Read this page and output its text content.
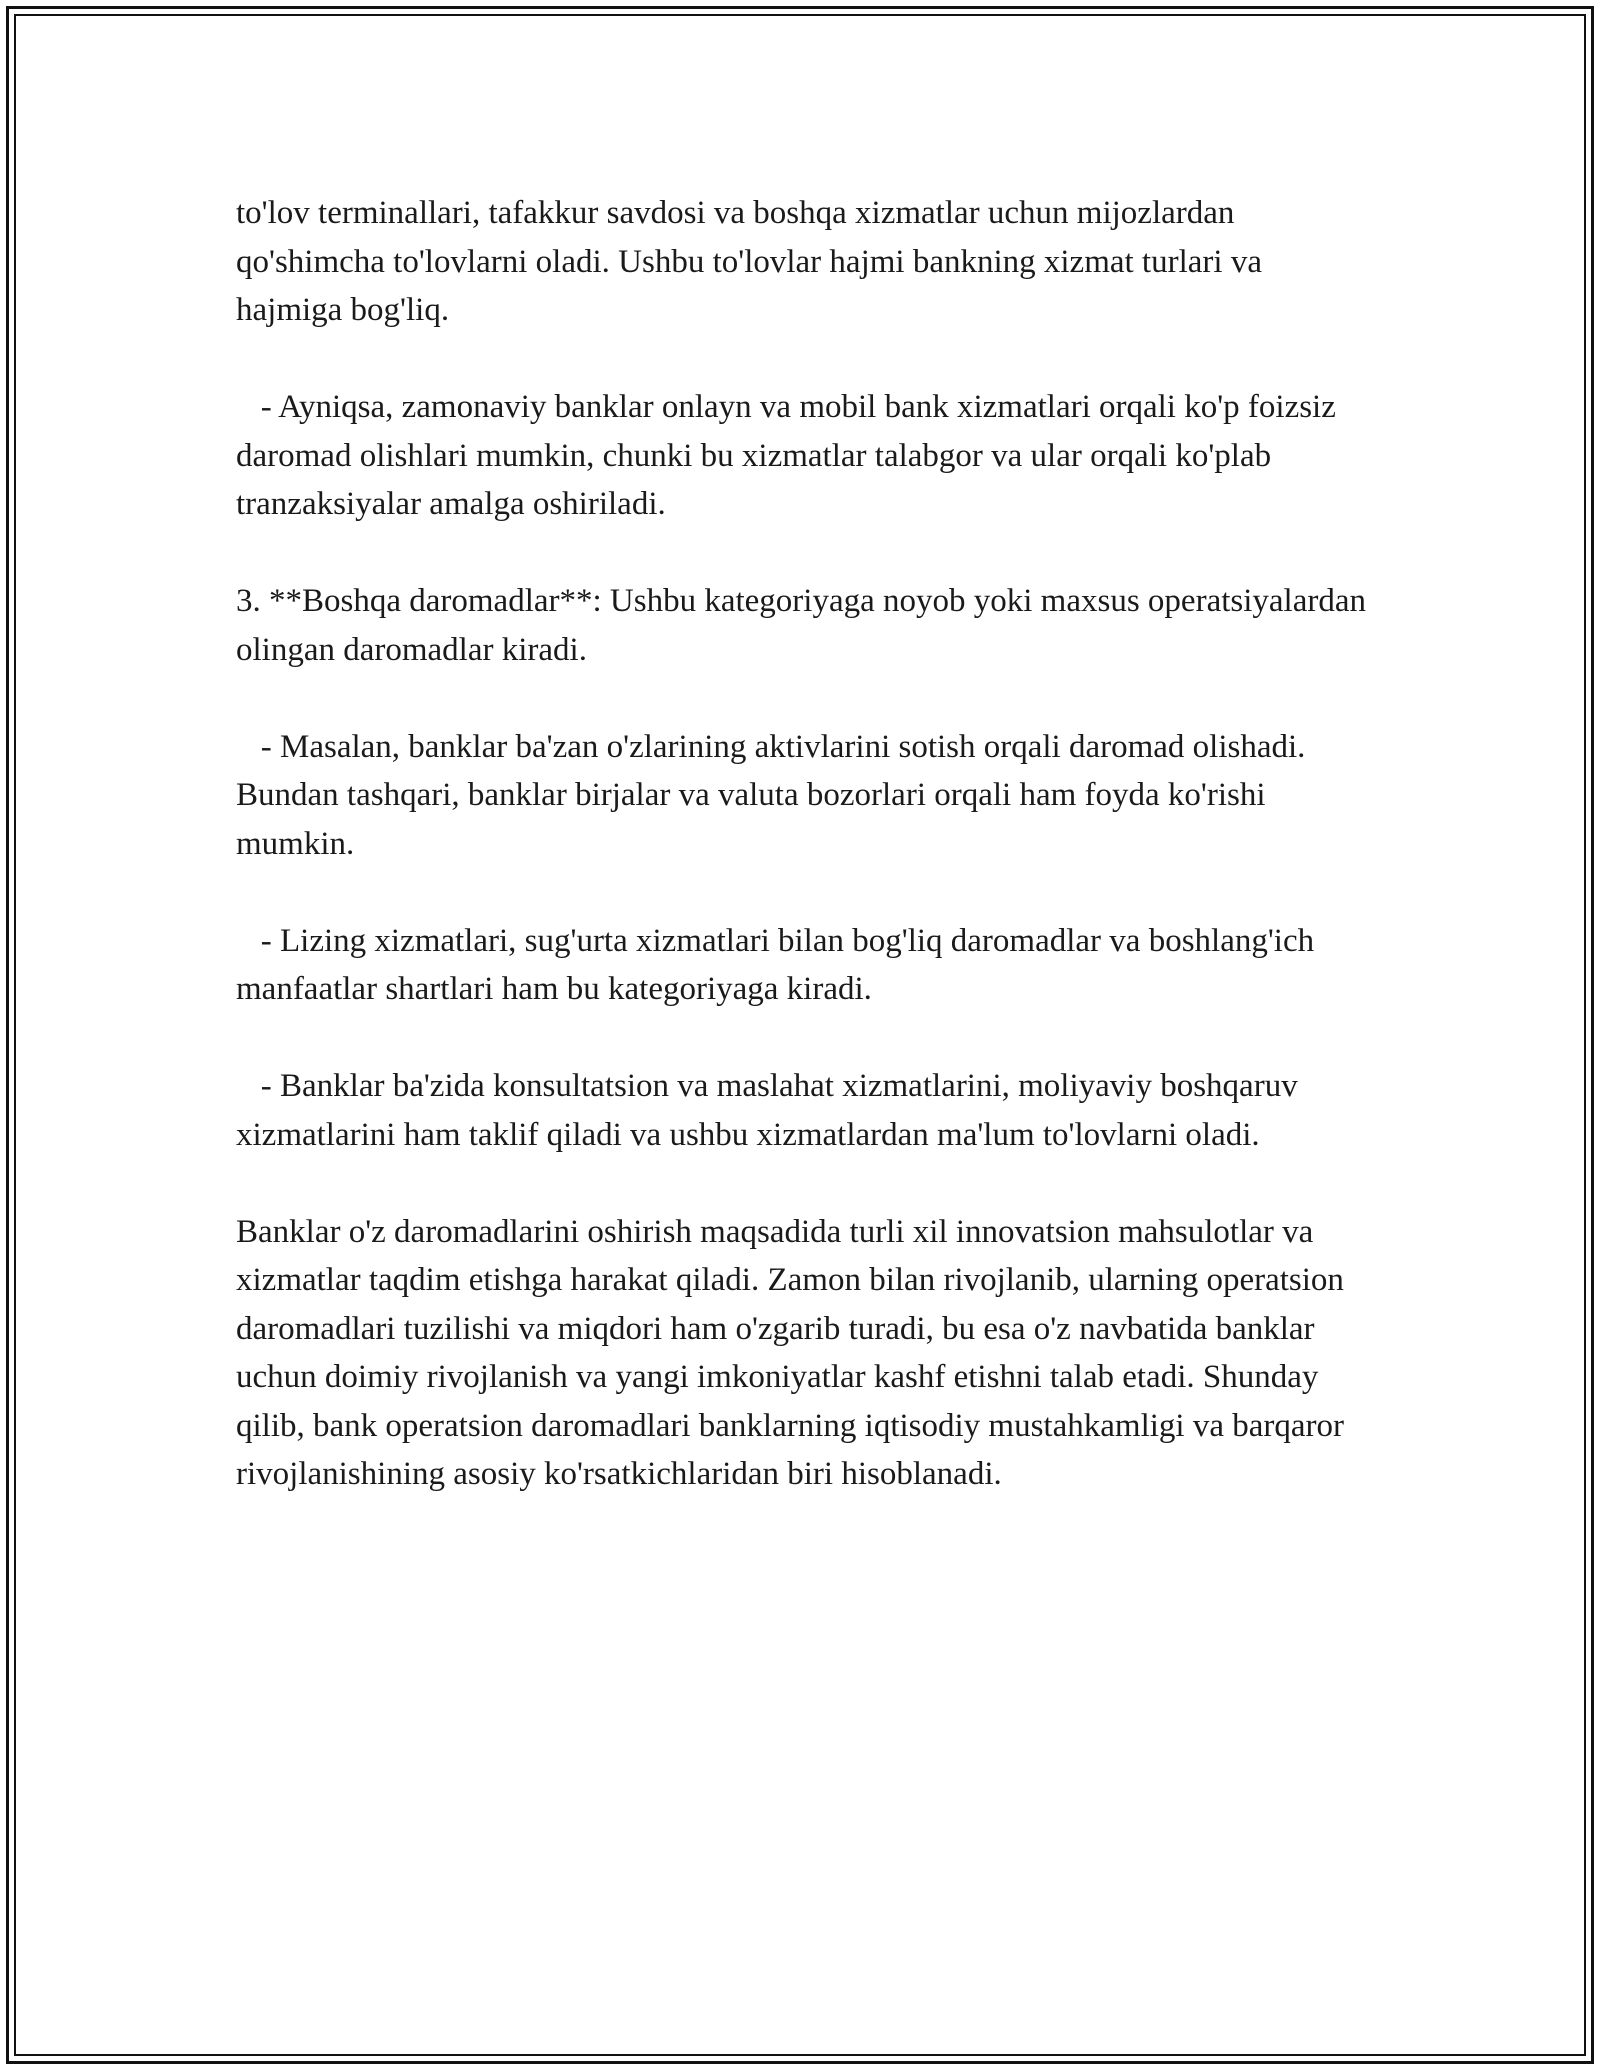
to'lov terminallari, tafakkur savdosi va boshqa xizmatlar uchun mijozlardan qo'shimcha to'lovlarni oladi. Ushbu to'lovlar hajmi bankning xizmat turlari va hajmiga bog'liq.

- Ayniqsa, zamonaviy banklar onlayn va mobil bank xizmatlari orqali ko'p foizsiz daromad olishlari mumkin, chunki bu xizmatlar talabgor va ular orqali ko'plab tranzaksiyalar amalga oshiriladi.

3. **Boshqa daromadlar**: Ushbu kategoriyaga noyob yoki maxsus operatsiyalardan olingan daromadlar kiradi.

- Masalan, banklar ba'zan o'zlarining aktivlarini sotish orqali daromad olishadi. Bundan tashqari, banklar birjalar va valuta bozorlari orqali ham foyda ko'rishi mumkin.

- Lizing xizmatlari, sug'urta xizmatlari bilan bog'liq daromadlar va boshlang'ich manfaatlar shartlari ham bu kategoriyaga kiradi.

- Banklar ba'zida konsultatsion va maslahat xizmatlarini, moliyaviy boshqaruv xizmatlarini ham taklif qiladi va ushbu xizmatlardan ma'lum to'lovlarni oladi.

Banklar o'z daromadlarini oshirish maqsadida turli xil innovatsion mahsulotlar va xizmatlar taqdim etishga harakat qiladi. Zamon bilan rivojlanib, ularning operatsion daromadlari tuzilishi va miqdori ham o'zgarib turadi, bu esa o'z navbatida banklar uchun doimiy rivojlanish va yangi imkoniyatlar kashf etishni talab etadi. Shunday qilib, bank operatsion daromadlari banklarning iqtisodiy mustahkamligi va barqaror rivojlanishining asosiy ko'rsatkichlaridan biri hisoblanadi.
